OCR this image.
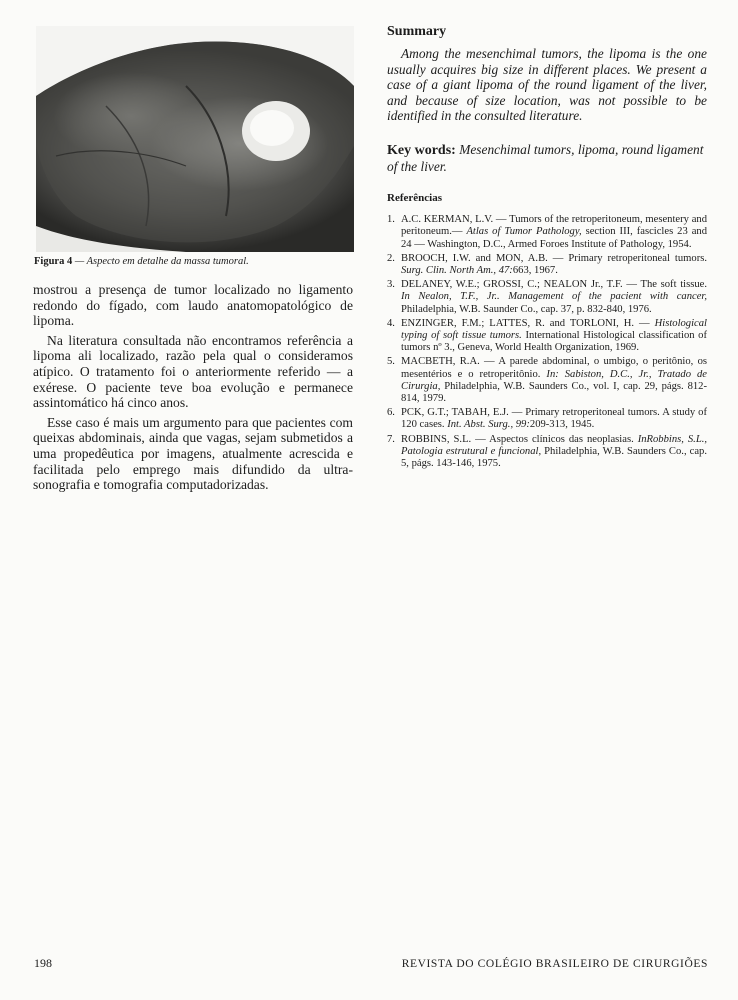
Figura 4 — Aspecto em detalhe da massa tumoral.

mostrou a presença de tumor localizado no ligamento redondo do fígado, com laudo anatomopatológico de lipoma.

Na literatura consultada não encontramos referência a lipoma ali localizado, razão pela qual o consideramos atípico. O tratamento foi o anteriormente referido — a exérese. O paciente teve boa evolução e permanece assintomático há cinco anos.

Esse caso é mais um argumento para que pacientes com queixas abdominais, ainda que vagas, sejam submetidos a uma propedêutica por imagens, atualmente acrescida e facilitada pelo emprego mais difundido da ultra-sonografia e tomografia computadorizadas.

Summary

Among the mesenchimal tumors, the lipoma is the one usually acquires big size in different places. We present a case of a giant lipoma of the round ligament of the liver, and because of size location, was not possible to be identified in the consulted literature.

Key words: Mesenchimal tumors, lipoma, round ligament of the liver.

Referências
1. A.C. KERMAN, L.V. — Tumors of the retroperitoneum, mesentery and peritoneum.— Atlas of Tumor Pathology, section III, fascicles 23 and 24 — Washington, D.C., Armed Foroes Institute of Pathology, 1954.
2. BROOCH, I.W. and MON, A.B. — Primary retroperitoneal tumors. Surg. Clin. North Am., 47:663, 1967.
3. DELANEY, W.E.; GROSSI, C.; NEALON Jr., T.F. — The soft tissue. In Nealon, T.F., Jr.. Management of the pacient with cancer, Philadelphia, W.B. Saunder Co., cap. 37, p. 832-840, 1976.
4. ENZINGER, F.M.; LATTES, R. and TORLONI, H. — Histological typing of soft tissue tumors. International Histological classification of tumors nº 3., Geneva, World Health Organization, 1969.
5. MACBETH, R.A. — A parede abdominal, o umbigo, o peritônio, os mesentérios e o retroperitônio. In: Sabiston, D.C., Jr., Tratado de Cirurgia, Philadelphia, W.B. Saunders Co., vol. I, cap. 29, págs. 812-814, 1979.
6. PCK, G.T.; TABAH, E.J. — Primary retroperitoneal tumors. A study of 120 cases. Int. Abst. Surg., 99:209-313, 1945.
7. ROBBINS, S.L. — Aspectos clínicos das neoplasias. InRobbins, S.L., Patologia estrutural e funcional, Philadelphia, W.B. Saunders Co., cap. 5, págs. 143-146, 1975.
198	REVISTA DO COLÉGIO BRASILEIRO DE CIRURGIÕES
